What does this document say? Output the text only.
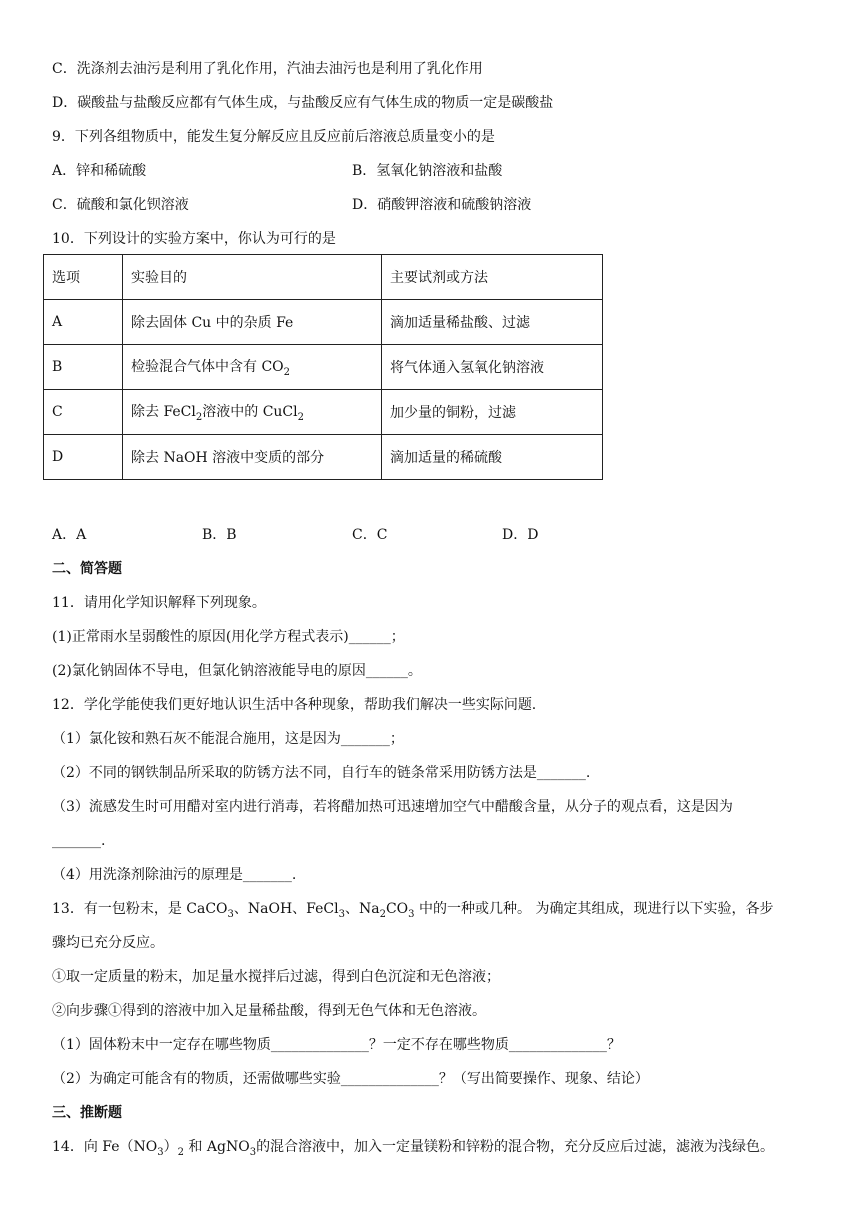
C．洗涤剂去油污是利用了乳化作用，汽油去油污也是利用了乳化作用
D．碳酸盐与盐酸反应都有气体生成，与盐酸反应有气体生成的物质一定是碳酸盐
9．下列各组物质中，能发生复分解反应且反应前后溶液总质量变小的是
A．锌和稀硫酸	B．氢氧化钠溶液和盐酸
C．硫酸和氯化钡溶液	D．硝酸钾溶液和硫酸钠溶液
10．下列设计的实验方案中，你认为可行的是
选项	实验目的	主要试剂或方法
A	除去固体 Cu 中的杂质 Fe	滴加适量稀盐酸、过滤
B	检验混合气体中含有 $CO_2$	将气体通入氢氧化钠溶液
C	除去 FeCl$_2$溶液中的 CuCl$_2$	加少量的铜粉，过滤
D	除去 NaOH 溶液中变质的部分	滴加适量的稀硫酸
A．A	B．B	C．C	D．D
二、简答题
11．请用化学知识解释下列现象。
(1)正常雨水呈弱酸性的原因(用化学方程式表示)______；
(2)氯化钠固体不导电，但氯化钠溶液能导电的原因______。
12．学化学能使我们更好地认识生活中各种现象，帮助我们解决一些实际问题.
（1）氯化铵和熟石灰不能混合施用，这是因为_______；
（2）不同的钢铁制品所采取的防锈方法不同，自行车的链条常采用防锈方法是_______.
（3）流感发生时可用醋对室内进行消毒，若将醋加热可迅速增加空气中醋酸含量，从分子的观点看，这是因为
_______.
（4）用洗涤剂除油污的原理是_______.
13．有一包粉末，是 CaCO$_3$、NaOH、FeCl$_3$、$Na_2CO_3$ 中的一种或几种。 为确定其组成，现进行以下实验，各步
骤均已充分反应。
①取一定质量的粉末，加足量水搅拌后过滤，得到白色沉淀和无色溶液；
②向步骤①得到的溶液中加入足量稀盐酸，得到无色气体和无色溶液。
（1）固体粉末中一定存在哪些物质______________？一定不存在哪些物质______________？
（2）为确定可能含有的物质，还需做哪些实验______________？（写出简要操作、现象、结论）
三、推断题
14．向 $Fe(NO_3)_2$ 和 AgNO$_3$的混合溶液中，加入一定量镁粉和锌粉的混合物，充分反应后过滤，滤液为浅绿色。
